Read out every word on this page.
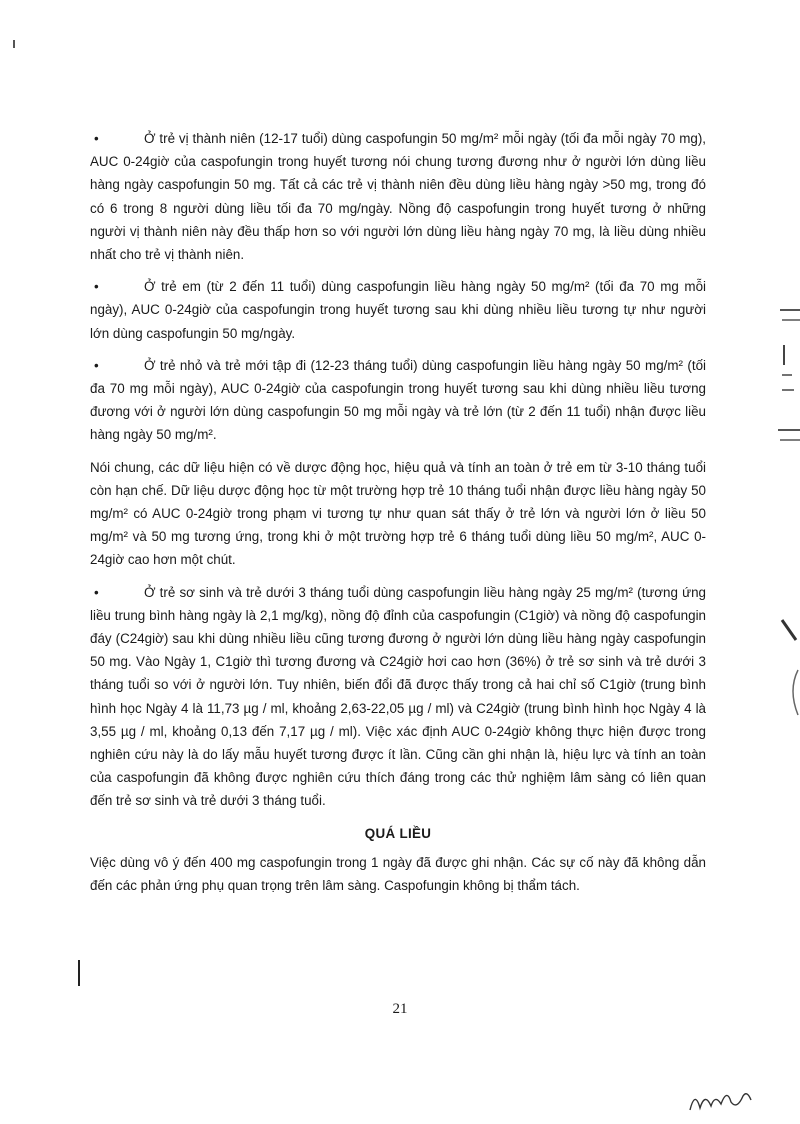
•	Ở trẻ vị thành niên (12-17 tuổi) dùng caspofungin 50 mg/m² mỗi ngày (tối đa mỗi ngày 70 mg), AUC 0-24giờ của caspofungin trong huyết tương nói chung tương đương như ở người lớn dùng liều hàng ngày caspofungin 50 mg. Tất cả các trẻ vị thành niên đều dùng liều hàng ngày >50 mg, trong đó có 6 trong 8 người dùng liều tối đa 70 mg/ngày. Nồng độ caspofungin trong huyết tương ở những người vị thành niên này đều thấp hơn so với người lớn dùng liều hàng ngày 70 mg, là liều dùng nhiều nhất cho trẻ vị thành niên.

•	Ở trẻ em (từ 2 đến 11 tuổi) dùng caspofungin liều hàng ngày 50 mg/m² (tối đa 70 mg mỗi ngày), AUC 0-24giờ của caspofungin trong huyết tương sau khi dùng nhiều liều tương tự như người lớn dùng caspofungin 50 mg/ngày.

•	Ở trẻ nhỏ và trẻ mới tập đi (12-23 tháng tuổi) dùng caspofungin liều hàng ngày 50 mg/m² (tối đa 70 mg mỗi ngày), AUC 0-24giờ của caspofungin trong huyết tương sau khi dùng nhiều liều tương đương với ở người lớn dùng caspofungin 50 mg mỗi ngày và trẻ lớn (từ 2 đến 11 tuổi) nhận được liều hàng ngày 50 mg/m².

Nói chung, các dữ liệu hiện có về dược động học, hiệu quả và tính an toàn ở trẻ em từ 3-10 tháng tuổi còn hạn chế. Dữ liệu dược động học từ một trường hợp trẻ 10 tháng tuổi nhận được liều hàng ngày 50 mg/m² có AUC 0-24giờ trong phạm vi tương tự như quan sát thấy ở trẻ lớn và người lớn ở liều 50 mg/m² và 50 mg tương ứng, trong khi ở một trường hợp trẻ 6 tháng tuổi dùng liều 50 mg/m², AUC 0-24giờ cao hơn một chút.

•	Ở trẻ sơ sinh và trẻ dưới 3 tháng tuổi dùng caspofungin liều hàng ngày 25 mg/m² (tương ứng liều trung bình hàng ngày là 2,1 mg/kg), nồng độ đỉnh của caspofungin (C1giờ) và nồng độ caspofungin đáy (C24giờ) sau khi dùng nhiều liều cũng tương đương ở người lớn dùng liều hàng ngày caspofungin 50 mg. Vào Ngày 1, C1giờ thì tương đương và C24giờ hơi cao hơn (36%) ở trẻ sơ sinh và trẻ dưới 3 tháng tuổi so với ở người lớn. Tuy nhiên, biến đổi đã được thấy trong cả hai chỉ số C1giờ (trung bình hình học Ngày 4 là 11,73 µg / ml, khoảng 2,63-22,05 µg / ml) và C24giờ (trung bình hình học Ngày 4 là 3,55 µg / ml, khoảng 0,13 đến 7,17 µg / ml). Việc xác định AUC 0-24giờ không thực hiện được trong nghiên cứu này là do lấy mẫu huyết tương được ít lần. Cũng cần ghi nhận là, hiệu lực và tính an toàn của caspofungin đã không được nghiên cứu thích đáng trong các thử nghiệm lâm sàng có liên quan đến trẻ sơ sinh và trẻ dưới 3 tháng tuổi.

QUÁ LIỀU

Việc dùng vô ý đến 400 mg caspofungin trong 1 ngày đã được ghi nhận. Các sự cố này đã không dẫn đến các phản ứng phụ quan trọng trên lâm sàng. Caspofungin không bị thẩm tách.

21
